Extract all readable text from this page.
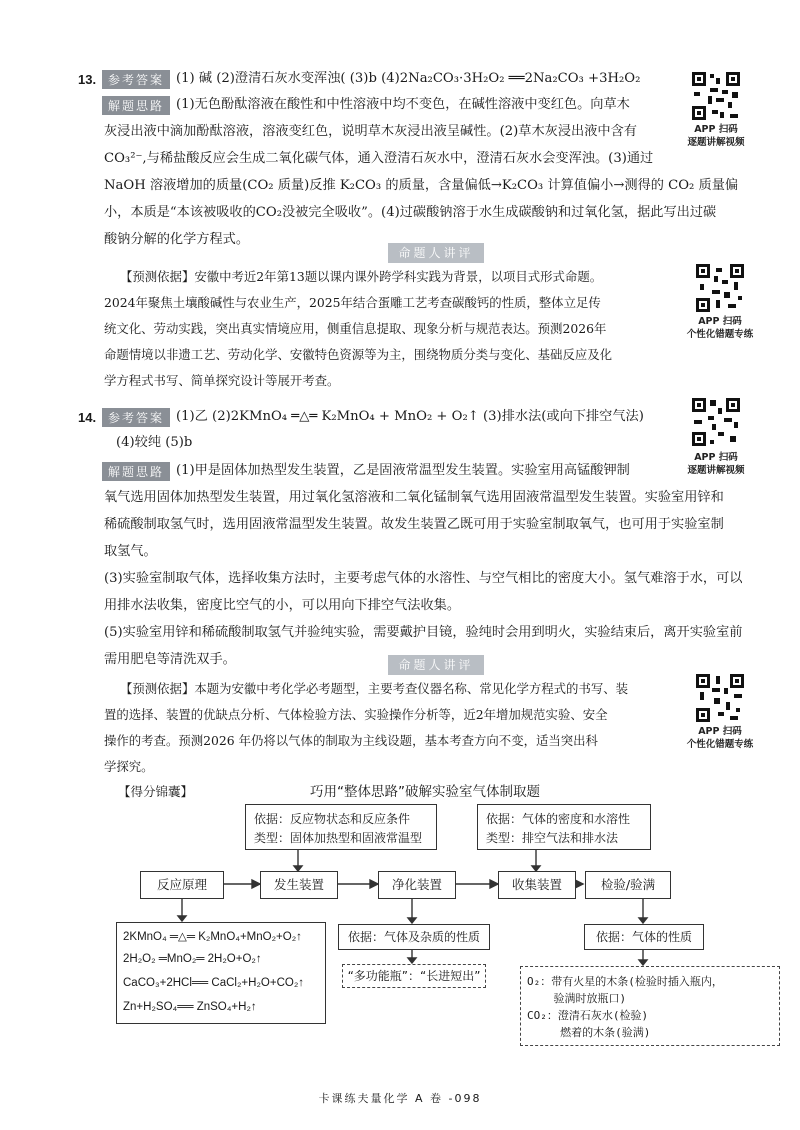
13. 参考答案 (1) 碱 (2)澄清石灰水变浑浊( (3)b (4)2Na₂CO₃·3H₂O₂ ══2Na₂CO₃ +3H₂O₂
解题思路 (1)无色酚酞溶液在酸性和中性溶液中均不变色，在碱性溶液中变红色。向草木
灰浸出液中滴加酚酞溶液，溶液变红色，说明草木灰浸出液呈碱性。(2)草木灰浸出液中含有
CO₃²⁻,与稀盐酸反应会生成二氧化碳气体，通入澄清石灰水中，澄清石灰水会变浑浊。(3)通过
NaOH 溶液增加的质量(CO₂ 质量)反推 K₂CO₃ 的质量，含量偏低→K₂CO₃ 计算值偏小→测得的 CO₂ 质量偏
小，本质是“本该被吸收的CO₂没被完全吸收”。(4)过碳酸钠溶于水生成碳酸钠和过氧化氢，据此写出过碳
酸钠分解的化学方程式。
APP 扫码
逐题讲解视频
命题人讲评
【预测依据】安徽中考近2年第13题以课内课外跨学科实践为背景，以项目式形式命题。
2024年聚焦土壤酸碱性与农业生产，2025年结合蛋雕工艺考查碳酸钙的性质，整体立足传
统文化、劳动实践，突出真实情境应用，侧重信息提取、现象分析与规范表达。预测2026年
命题情境以非遗工艺、劳动化学、安徽特色资源等为主，围绕物质分类与变化、基础反应及化
学方程式书写、简单探究设计等展开考查。
APP 扫码
个性化错题专练
14. 参考答案 (1)乙 (2)2KMnO₄ ═△═ K₂MnO₄ + MnO₂ + O₂↑ (3)排水法(或向下排空气法)
(4)较纯 (5)b
解题思路 (1)甲是固体加热型发生装置，乙是固液常温型发生装置。实验室用高锰酸钾制
氧气选用固体加热型发生装置，用过氧化氢溶液和二氧化锰制氧气选用固液常温型发生装置。实验室用锌和
稀硫酸制取氢气时，选用固液常温型发生装置。故发生装置乙既可用于实验室制取氧气，也可用于实验室制
取氢气。
(3)实验室制取气体，选择收集方法时，主要考虑气体的水溶性、与空气相比的密度大小。氢气难溶于水，可以
用排水法收集，密度比空气的小，可以用向下排空气法收集。
(5)实验室用锌和稀硫酸制取氢气并验纯实验，需要戴护目镜，验纯时会用到明火，实验结束后，离开实验室前
需用肥皂等清洗双手。
APP 扫码
逐题讲解视频
命题人讲评
【预测依据】本题为安徽中考化学必考题型，主要考查仪器名称、常见化学方程式的书写、装
置的选择、装置的优缺点分析、气体检验方法、实验操作分析等，近2年增加规范实验、安全
操作的考查。预测2026 年仍将以气体的制取为主线设题，基本考查方向不变，适当突出科
学探究。
APP 扫码
个性化错题专练
【得分锦囊】	巧用“整体思路”破解实验室气体制取题
依据：反应物状态和反应条件
类型：固体加热型和固液常温型
依据：气体的密度和水溶性
类型：排空气法和排水法
反应原理	发生装置	净化装置	收集装置	检验/验满
2KMnO₄ ═△═ K₂MnO₄+MnO₂+O₂↑
2H₂O₂ ═MnO₂═ 2H₂O+O₂↑
CaCO₃+2HCl══ CaCl₂+H₂O+CO₂↑
Zn+H₂SO₄══ ZnSO₄+H₂↑
依据：气体及杂质的性质
“多功能瓶”：“长进短出”
依据：气体的性质
O₂：带有火星的木条(检验时插入瓶内，
验满时放瓶口)
CO₂：澄清石灰水(检验)
燃着的木条(验满)
卡课练夫量化学 A 卷 -098
